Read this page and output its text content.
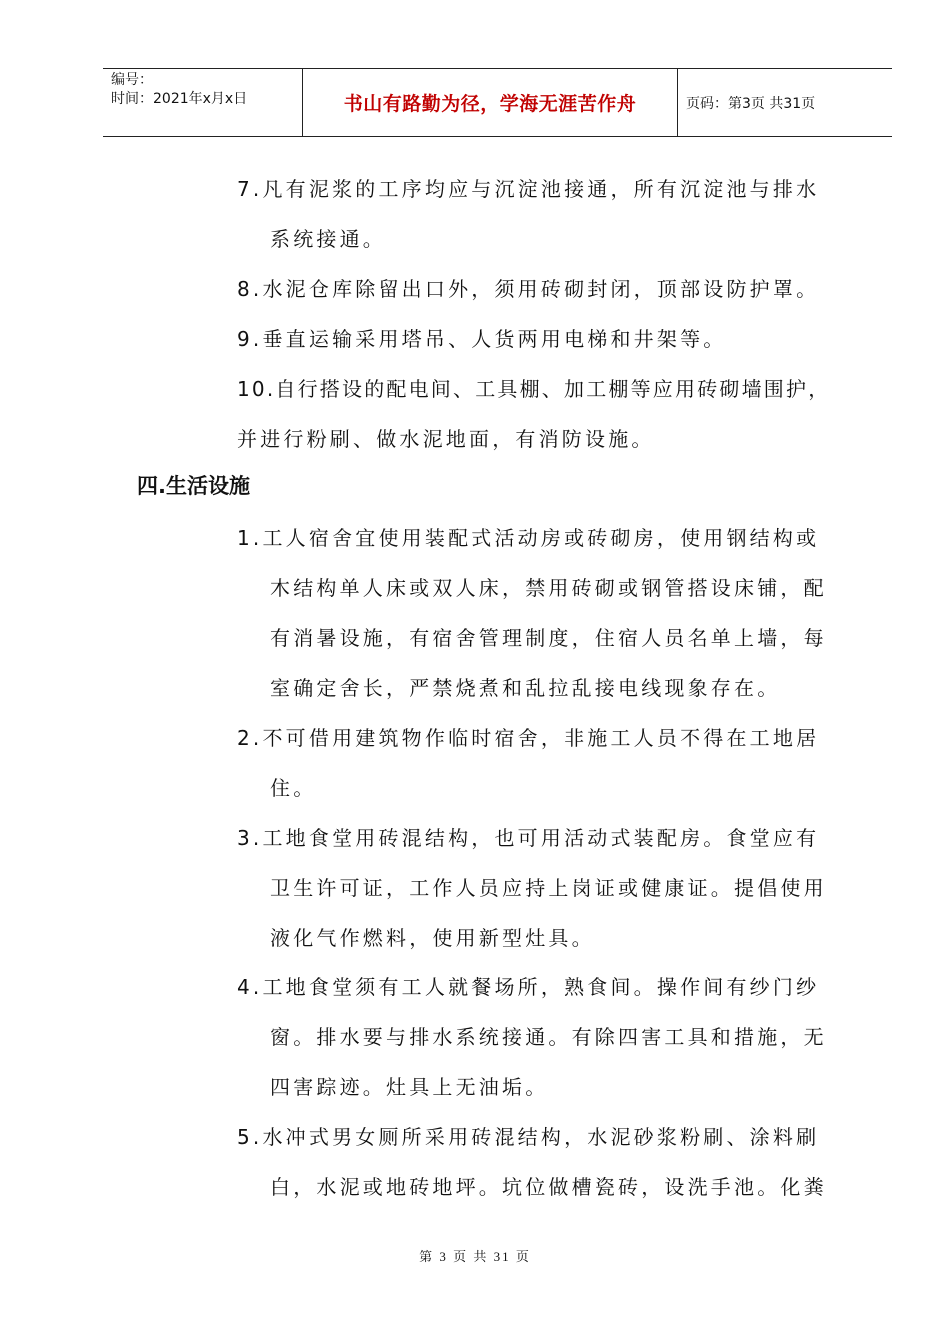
编号：
时间：2021年x月x日	书山有路勤为径，学海无涯苦作舟	页码：第3页 共31页
7.凡有泥浆的工序均应与沉淀池接通，所有沉淀池与排水
系统接通。
8.水泥仓库除留出口外，须用砖砌封闭，顶部设防护罩。
9.垂直运输采用塔吊、人货两用电梯和井架等。
10.自行搭设的配电间、工具棚、加工棚等应用砖砌墙围护，
并进行粉刷、做水泥地面，有消防设施。
四.生活设施
1.工人宿舍宜使用装配式活动房或砖砌房，使用钢结构或
木结构单人床或双人床，禁用砖砌或钢管搭设床铺，配
有消暑设施，有宿舍管理制度，住宿人员名单上墙，每
室确定舍长，严禁烧煮和乱拉乱接电线现象存在。
2.不可借用建筑物作临时宿舍，非施工人员不得在工地居
住。
3.工地食堂用砖混结构，也可用活动式装配房。食堂应有
卫生许可证，工作人员应持上岗证或健康证。提倡使用
液化气作燃料，使用新型灶具。
4.工地食堂须有工人就餐场所，熟食间。操作间有纱门纱
窗。排水要与排水系统接通。有除四害工具和措施，无
四害踪迹。灶具上无油垢。
5.水冲式男女厕所采用砖混结构，水泥砂浆粉刷、涂料刷
白，水泥或地砖地坪。坑位做槽瓷砖，设洗手池。化粪
第 3 页 共 31 页
